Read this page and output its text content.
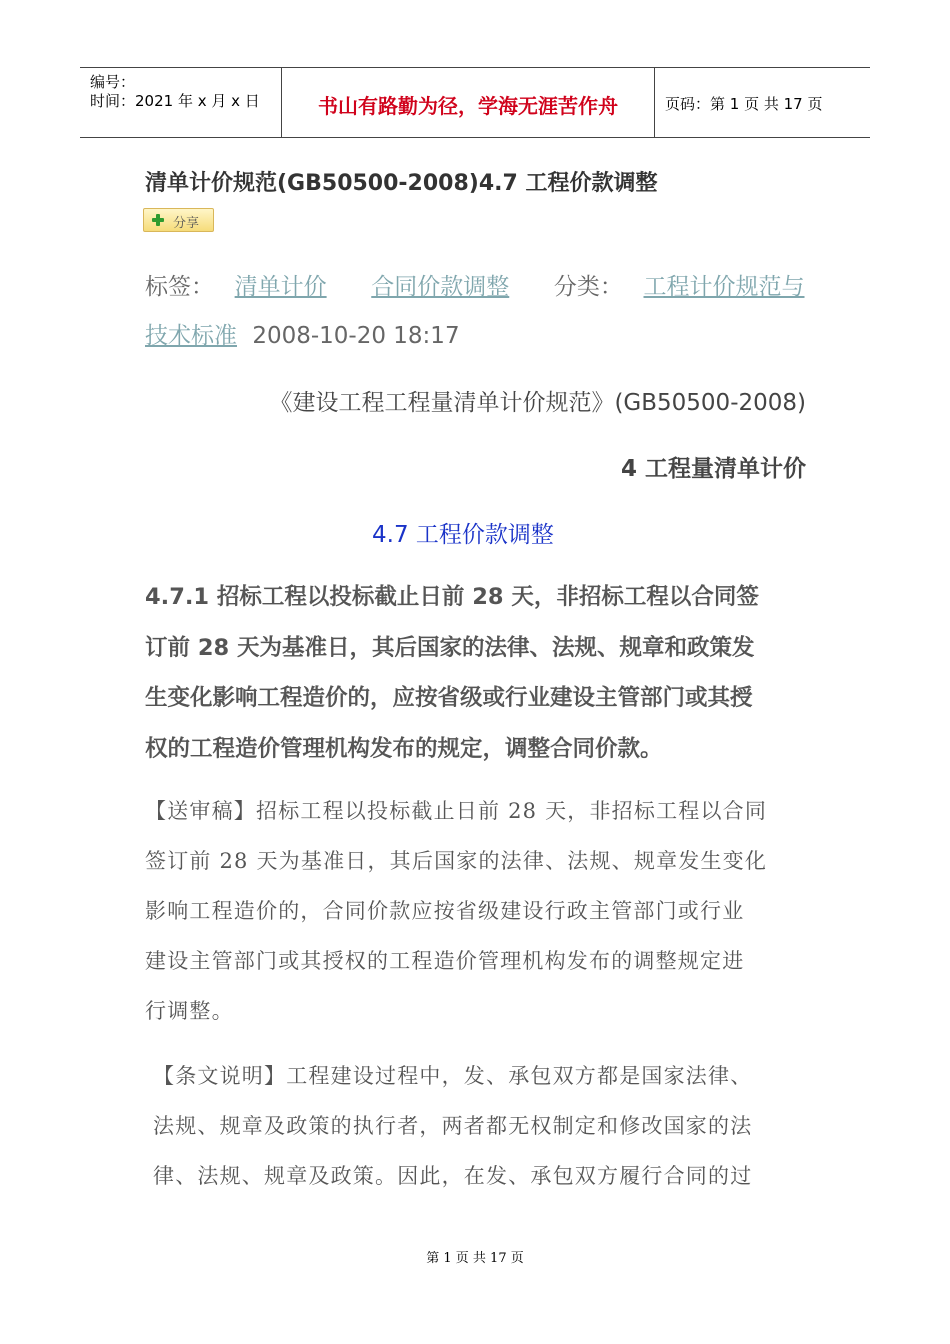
编号：
时间：2021 年 x 月 x 日	书山有路勤为径，学海无涯苦作舟	页码：第 1 页 共 17 页
清单计价规范(GB50500-2008)4.7 工程价款调整
分享
标签： 清单计价 合同价款调整 分类： 工程计价规范与
技术标准 2008-10-20 18:17
《建设工程工程量清单计价规范》(GB50500-2008)
4 工程量清单计价
4.7 工程价款调整
4.7.1 招标工程以投标截止日前 28 天，非招标工程以合同签
订前 28 天为基准日，其后国家的法律、法规、规章和政策发
生变化影响工程造价的，应按省级或行业建设主管部门或其授
权的工程造价管理机构发布的规定，调整合同价款。
【送审稿】招标工程以投标截止日前 28 天，非招标工程以合同
签订前 28 天为基准日，其后国家的法律、法规、规章发生变化
影响工程造价的，合同价款应按省级建设行政主管部门或行业
建设主管部门或其授权的工程造价管理机构发布的调整规定进
行调整。
【条文说明】工程建设过程中，发、承包双方都是国家法律、
法规、规章及政策的执行者，两者都无权制定和修改国家的法
律、法规、规章及政策。因此，在发、承包双方履行合同的过
第 1 页 共 17 页
